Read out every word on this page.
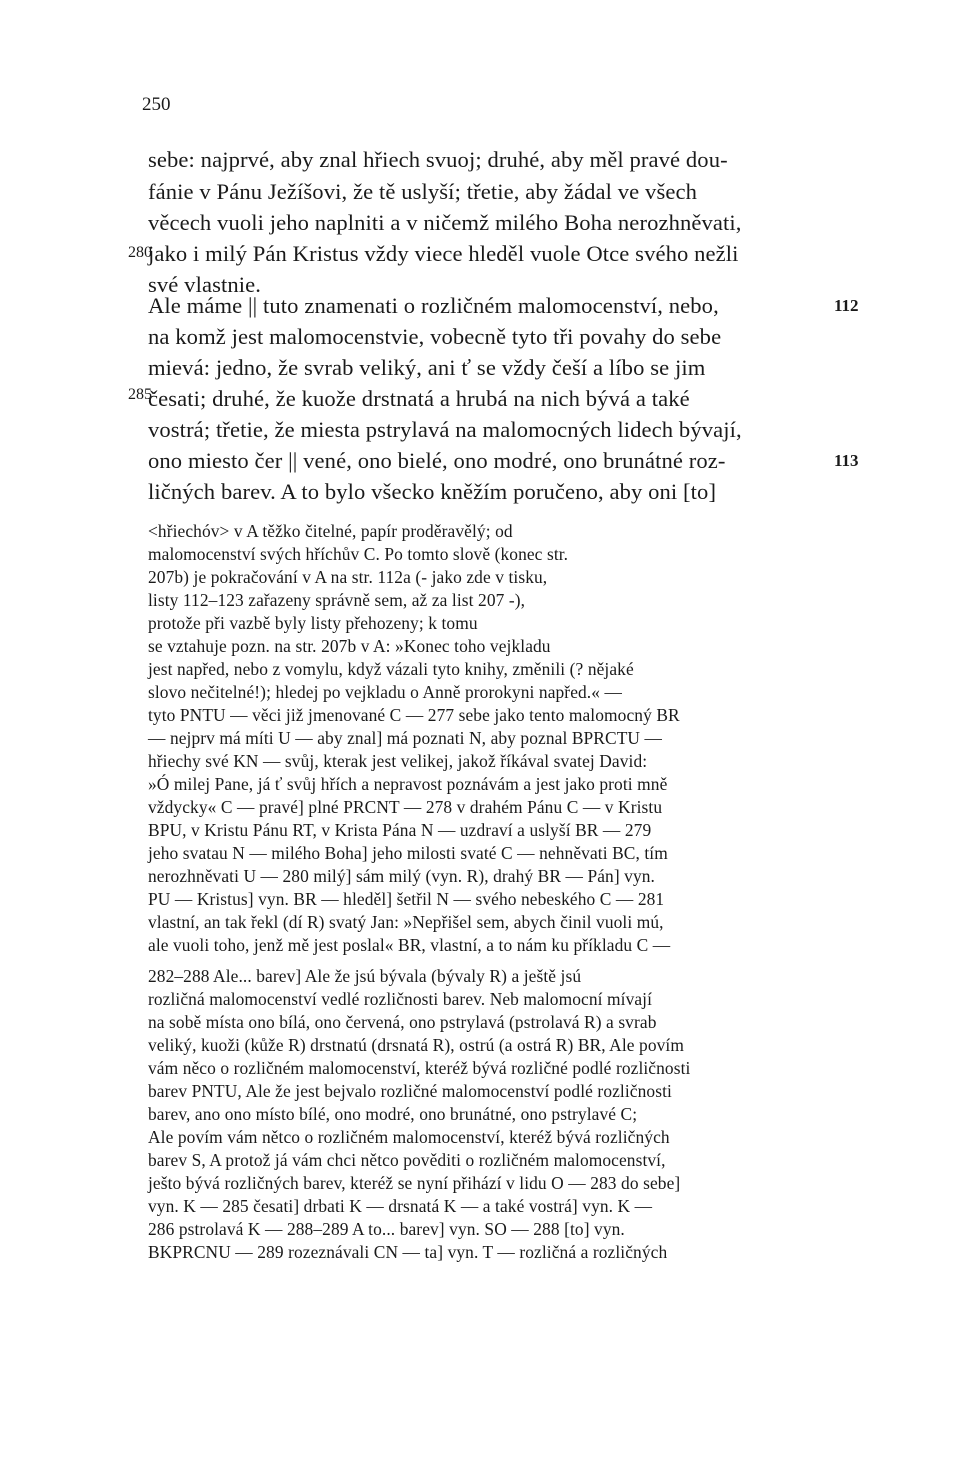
250
sebe: najprvé, aby znal hřiech svuoj; druhé, aby měl pravé dou-
fánie v Pánu Ježíšovi, že tě uslyší; třetie, aby žádal ve všech
věcech vuoli jeho naplniti a v ničemž milého Boha nerozhněvati,
jako i milý Pán Kristus vždy viece hleděl vuole Otce svého nežli
své vlastnie.
Ale máme || tuto znamenati o rozličném malomocenství, nebo,
na komž jest malomocenstvie, vobecně tyto tři povahy do sebe
mievá: jedno, že svrab veliký, ani ť se vždy češí a líbo se jim
česati; druhé, že kuože drstnatá a hrubá na nich bývá a také
vostrá; třetie, že miesta pstrylavá na malomocných lidech bývají,
ono miesto čer || vené, ono bielé, ono modré, ono brunátné roz-
ličných barev. A to bylo všecko kněžím poručeno, aby oni [to]
280
285
112
113
<hřiechóv> v A těžko čitelné, papír proděravělý; od
malomocenství svých hříchův C. Po tomto slově (konec str.
207b) je pokračování v A na str. 112a (- jako zde v tisku,
listy 112–123 zařazeny správně sem, až za list 207 -),
protože při vazbě byly listy přehozeny; k tomu
se vztahuje pozn. na str. 207b v A: »Konec toho vejkladu
jest napřed, nebo z vomylu, když vázali tyto knihy, změnili (? nějaké
slovo nečitelné!); hledej po vejkladu o Anně prorokyni napřed.« —
tyto PNTU — věci již jmenované C — 277 sebe jako tento malomocný BR
— nejprv má míti U — aby znal] má poznati N, aby poznal BPRCTU —
hřiechy své KN — svůj, kterak jest velikej, jakož říkával svatej David:
»Ó milej Pane, já ť svůj hřích a nepravost poznávám a jest jako proti mně
vždycky« C — pravé] plné PRCNT — 278 v drahém Pánu C — v Kristu
BPU, v Kristu Pánu RT, v Krista Pána N — uzdraví a uslyší BR — 279
jeho svatau N — milého Boha] jeho milosti svaté C — nehněvati BC, tím
nerozhněvati U — 280 milý] sám milý (vyn. R), drahý BR — Pán] vyn.
PU — Kristus] vyn. BR — hleděl] šetřil N — svého nebeského C — 281
vlastní, an tak řekl (dí R) svatý Jan: »Nepřišel sem, abych činil vuoli mú,
ale vuoli toho, jenž mě jest poslal« BR, vlastní, a to nám ku příkladu C —
282–288 Ale... barev] Ale že jsú bývala (bývaly R) a ještě jsú
rozličná malomocenství vedlé rozličnosti barev. Neb malomocní mívají
na sobě místa ono bílá, ono červená, ono pstrylavá (pstrolavá R) a svrab
veliký, kuoži (kůže R) drstnatú (drsnatá R), ostrú (a ostrá R) BR, Ale povím
vám něco o rozličném malomocenství, kteréž bývá rozličné podlé rozličnosti
barev PNTU, Ale že jest bejvalo rozličné malomocenství podlé rozličnosti
barev, ano ono místo bílé, ono modré, ono brunátné, ono pstrylavé C;
Ale povím vám nětco o rozličném malomocenství, kteréž bývá rozličných
barev S, A protož já vám chci nětco pověditi o rozličném malomocenství,
ješto bývá rozličných barev, kteréž se nyní přihází v lidu O — 283 do sebe]
vyn. K — 285 česati] drbati K — drsnatá K — a také vostrá] vyn. K —
286 pstrolavá K — 288–289 A to... barev] vyn. SO — 288 [to] vyn.
BKPRCNU — 289 rozeznávali CN — ta] vyn. T — rozličná a rozličných
